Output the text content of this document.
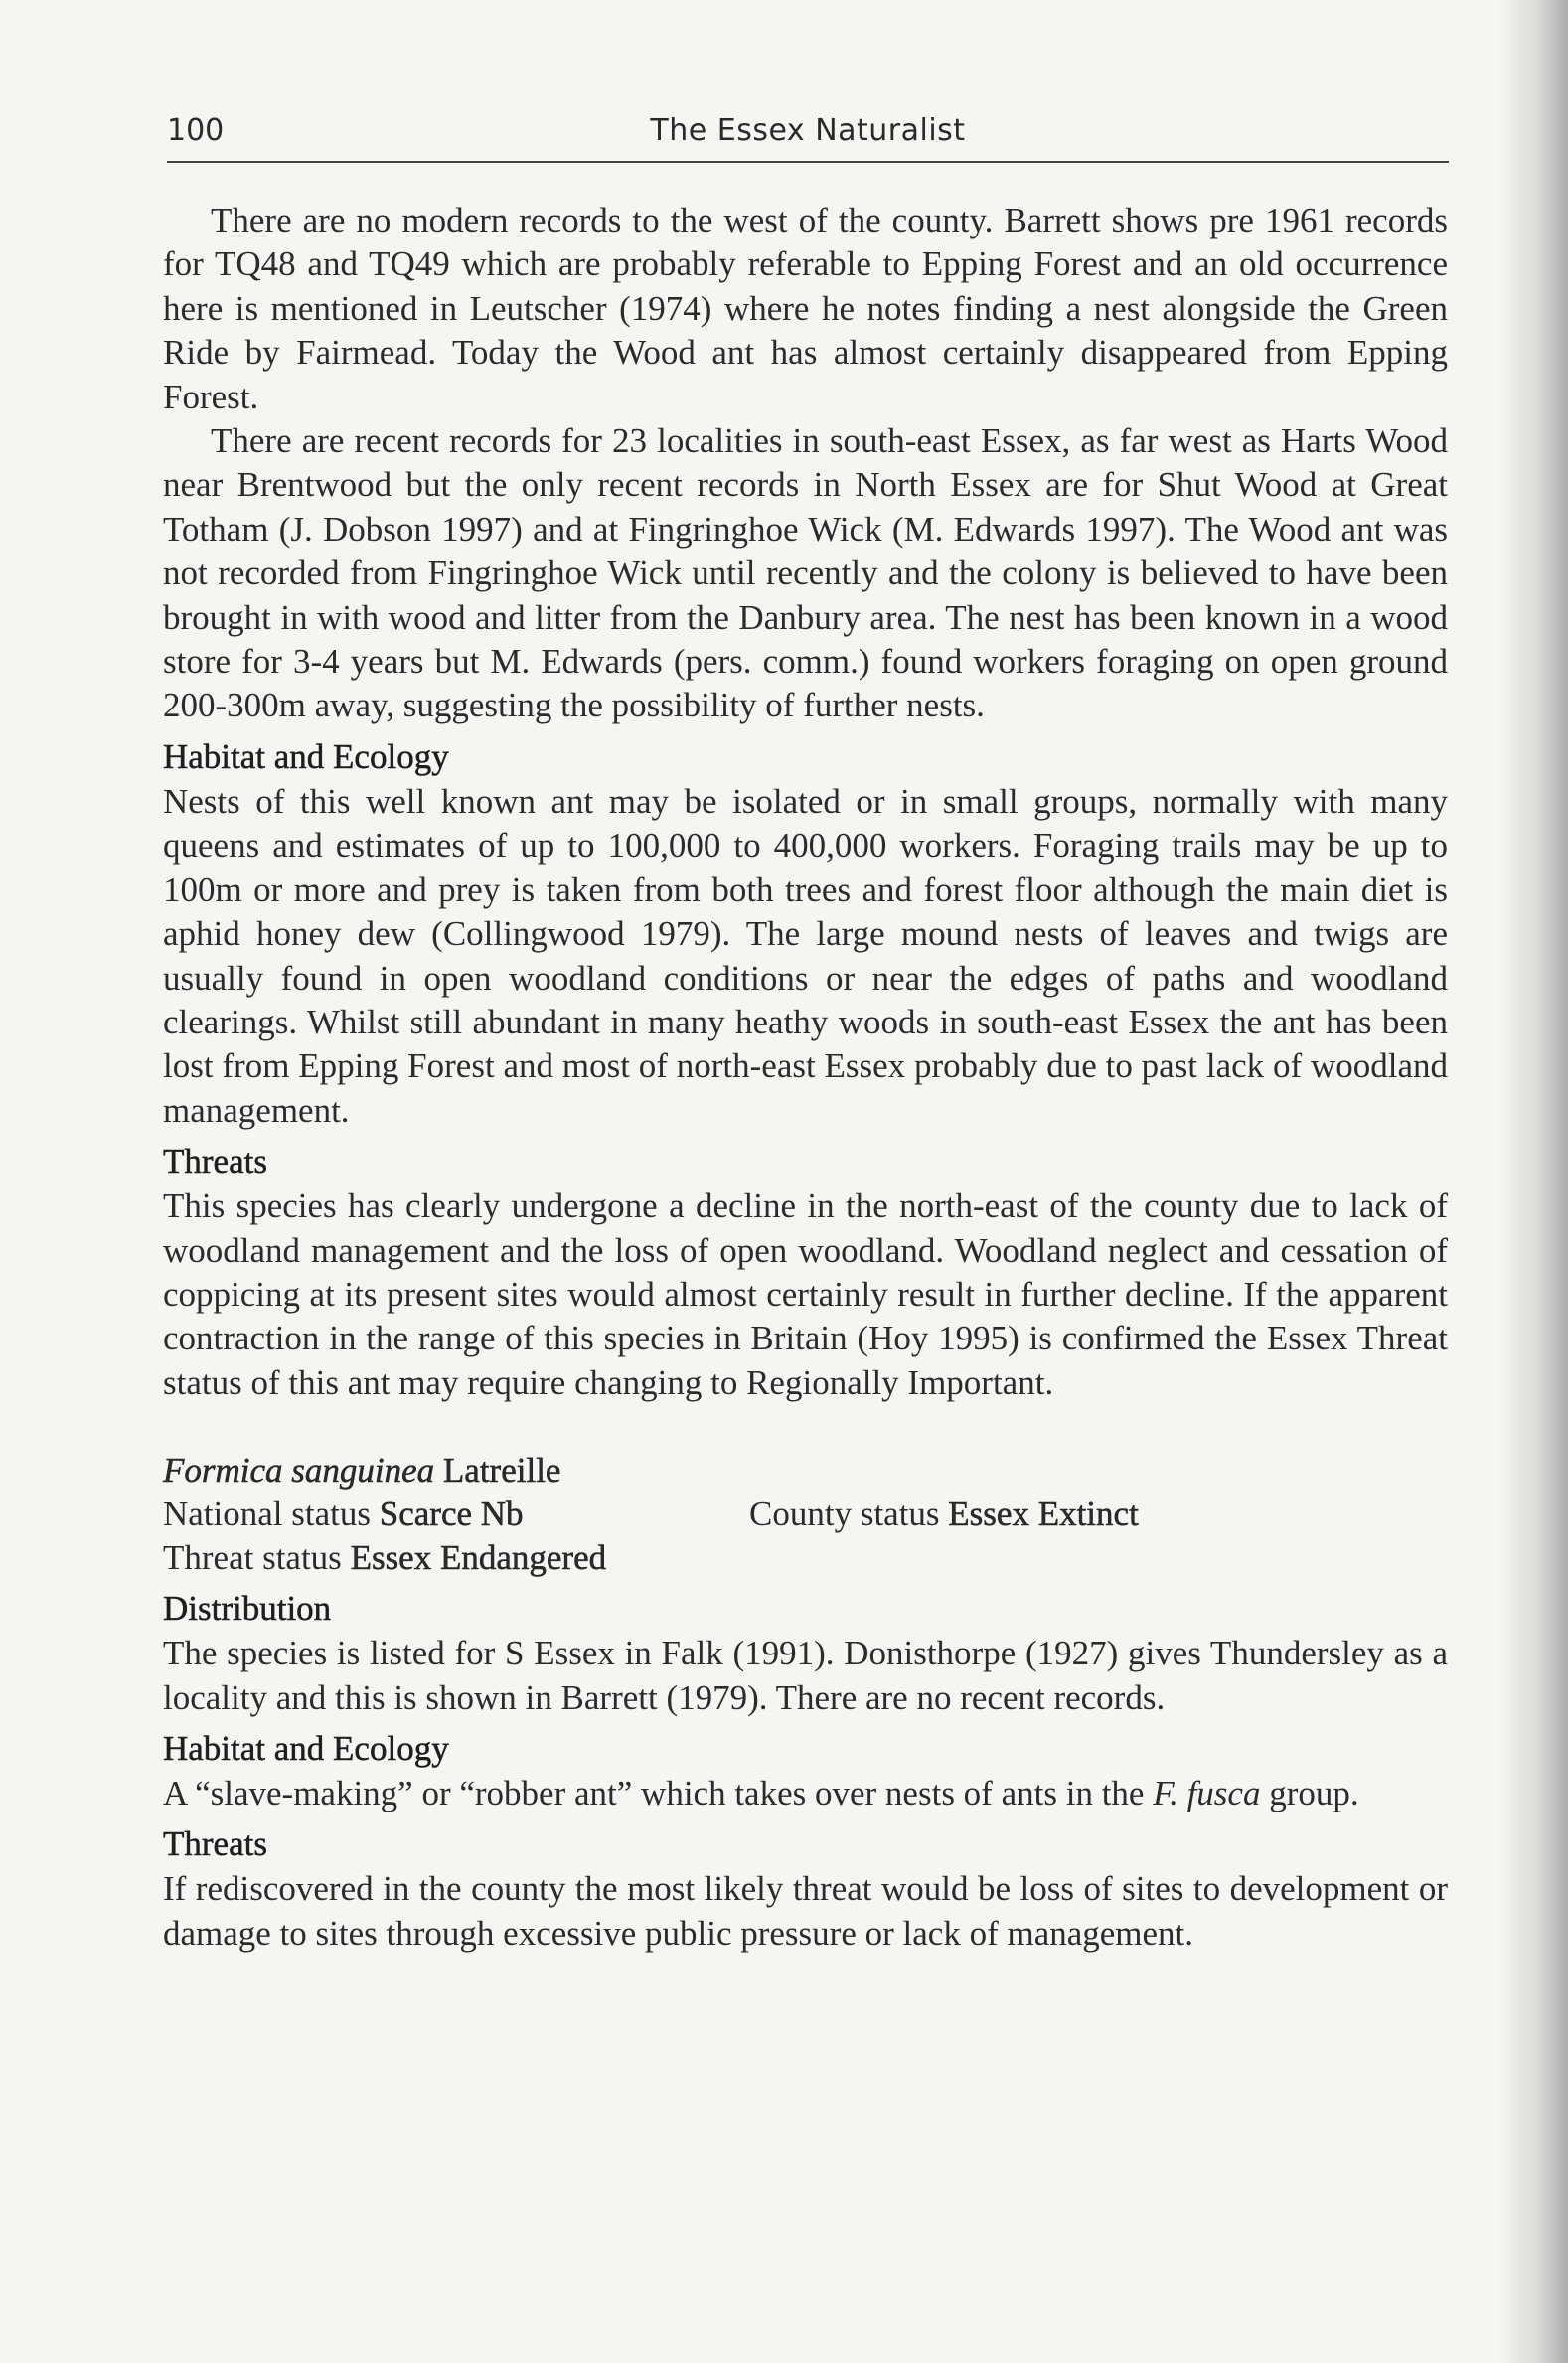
100	The Essex Naturalist

There are no modern records to the west of the county. Barrett shows pre 1961 records for TQ48 and TQ49 which are probably referable to Epping Forest and an old occurrence here is mentioned in Leutscher (1974) where he notes finding a nest alongside the Green Ride by Fairmead. Today the Wood ant has almost certainly disappeared from Epping Forest.

There are recent records for 23 localities in south-east Essex, as far west as Harts Wood near Brentwood but the only recent records in North Essex are for Shut Wood at Great Totham (J. Dobson 1997) and at Fingringhoe Wick (M. Edwards 1997). The Wood ant was not recorded from Fingringhoe Wick until recently and the colony is believed to have been brought in with wood and litter from the Danbury area. The nest has been known in a wood store for 3-4 years but M. Edwards (pers. comm.) found workers foraging on open ground 200-300m away, suggesting the possibility of further nests.

Habitat and Ecology

Nests of this well known ant may be isolated or in small groups, normally with many queens and estimates of up to 100,000 to 400,000 workers. Foraging trails may be up to 100m or more and prey is taken from both trees and forest floor although the main diet is aphid honey dew (Collingwood 1979). The large mound nests of leaves and twigs are usually found in open woodland conditions or near the edges of paths and woodland clearings. Whilst still abundant in many heathy woods in south-east Essex the ant has been lost from Epping Forest and most of north-east Essex probably due to past lack of woodland management.

Threats

This species has clearly undergone a decline in the north-east of the county due to lack of woodland management and the loss of open woodland. Woodland neglect and cessation of coppicing at its present sites would almost certainly result in further decline. If the apparent contraction in the range of this species in Britain (Hoy 1995) is confirmed the Essex Threat status of this ant may require changing to Regionally Important.

Formica sanguinea Latreille

National status Scarce Nb	County status Essex Extinct
Threat status Essex Endangered
Distribution

The species is listed for S Essex in Falk (1991). Donisthorpe (1927) gives Thundersley as a locality and this is shown in Barrett (1979). There are no recent records.

Habitat and Ecology

A “slave-making” or “robber ant” which takes over nests of ants in the F. fusca group.

Threats

If rediscovered in the county the most likely threat would be loss of sites to development or damage to sites through excessive public pressure or lack of management.
